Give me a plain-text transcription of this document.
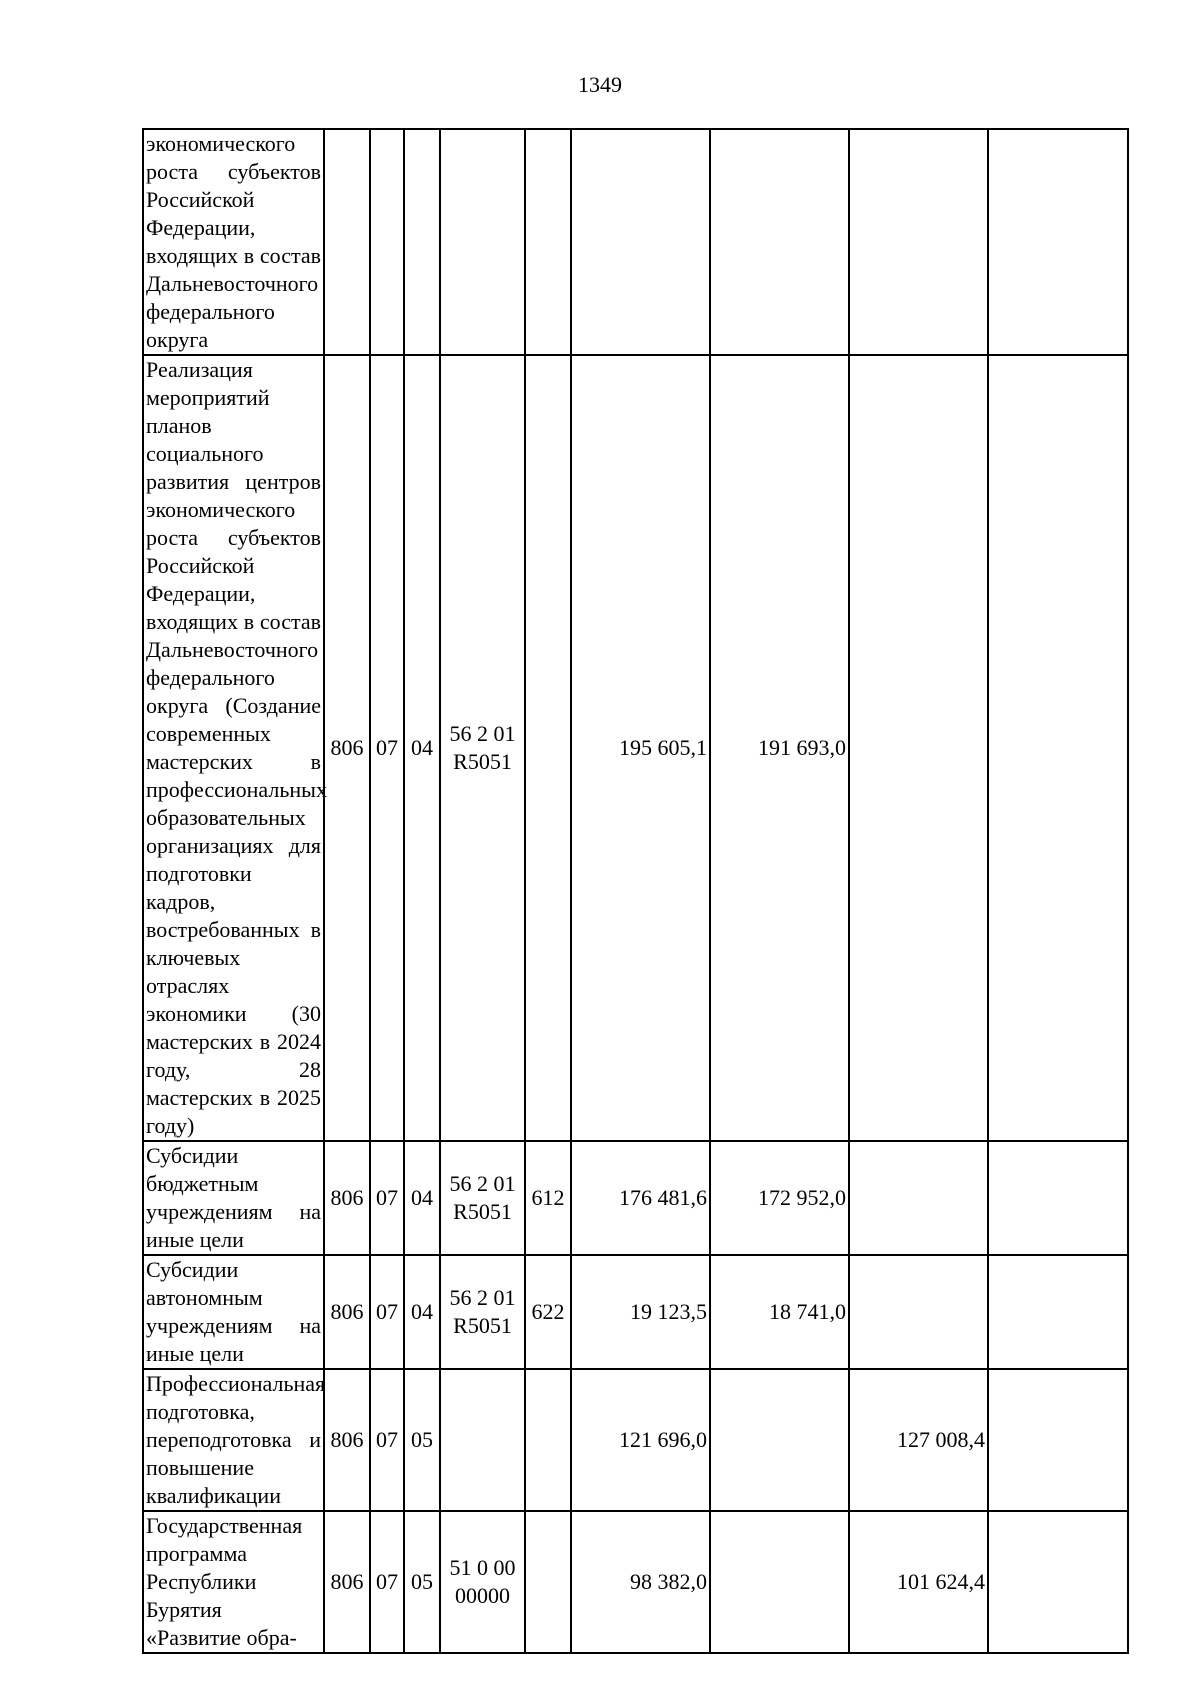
1349
экономического роста субъектов Российской Федерации, входящих в состав Дальневосточного федерального округа									
Реализация мероприятий планов социального развития центров экономического роста субъектов Российской Федерации, входящих в состав Дальневосточного федерального округа (Создание современных мастерских в профессиональных образовательных организациях для подготовки кадров, востребованных в ключевых отраслях экономики (30 мастерских в 2024 году, 28 мастерских в 2025 году)	806	07	04	56 2 01 R5051		195 605,1	191 693,0		
Субсидии бюджетным учреждениям на иные цели	806	07	04	56 2 01 R5051	612	176 481,6	172 952,0		
Субсидии автономным учреждениям на иные цели	806	07	04	56 2 01 R5051	622	19 123,5	18 741,0		
Профессиональная подготовка, переподготовка и повышение квалификации	806	07	05			121 696,0		127 008,4	
Государственная программа Республики Бурятия «Развитие обра-	806	07	05	51 0 00 00000		98 382,0		101 624,4	
